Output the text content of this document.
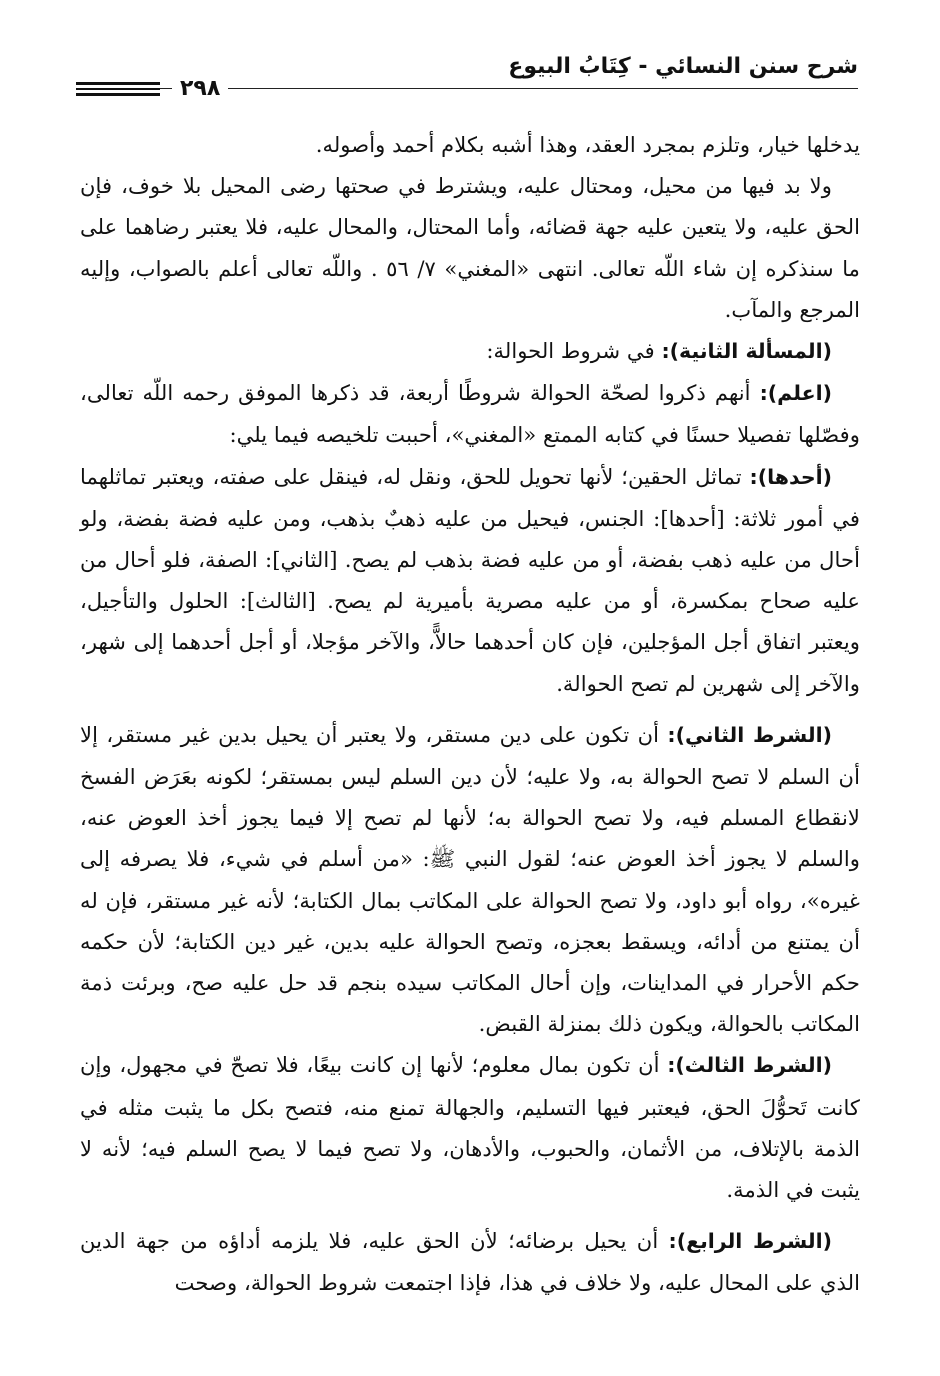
شرح سنن النسائي - كِتَابُ البيوع
٢٩٨

يدخلها خيار، وتلزم بمجرد العقد، وهذا أشبه بكلام أحمد وأصوله.

ولا بد فيها من محيل، ومحتال عليه، ويشترط في صحتها رضى المحيل بلا خوف، فإن الحق عليه، ولا يتعين عليه جهة قضائه، وأما المحتال، والمحال عليه، فلا يعتبر رضاهما على ما سنذكره إن شاء اللّه تعالى. انتهى «المغني» ٧/ ٥٦ . واللّه تعالى أعلم بالصواب، وإليه المرجع والمآب.

(المسألة الثانية): في شروط الحوالة:

(اعلم): أنهم ذكروا لصحّة الحوالة شروطًا أربعة، قد ذكرها الموفق رحمه اللّه تعالى، وفصّلها تفصيلا حسنًا في كتابه الممتع «المغني»، أحببت تلخيصه فيما يلي:

(أحدها): تماثل الحقين؛ لأنها تحويل للحق، ونقل له، فينقل على صفته، ويعتبر تماثلهما في أمور ثلاثة: [أحدها]: الجنس، فيحيل من عليه ذهبٌ بذهب، ومن عليه فضة بفضة، ولو أحال من عليه ذهب بفضة، أو من عليه فضة بذهب لم يصح. [الثاني]: الصفة، فلو أحال من عليه صحاح بمكسرة، أو من عليه مصرية بأميرية لم يصح. [الثالث]: الحلول والتأجيل، ويعتبر اتفاق أجل المؤجلين، فإن كان أحدهما حالاًّ، والآخر مؤجلا، أو أجل أحدهما إلى شهر، والآخر إلى شهرين لم تصح الحوالة.

(الشرط الثاني): أن تكون على دين مستقر، ولا يعتبر أن يحيل بدين غير مستقر، إلا أن السلم لا تصح الحوالة به، ولا عليه؛ لأن دين السلم ليس بمستقر؛ لكونه بعَرَض الفسخ لانقطاع المسلم فيه، ولا تصح الحوالة به؛ لأنها لم تصح إلا فيما يجوز أخذ العوض عنه، والسلم لا يجوز أخذ العوض عنه؛ لقول النبي ﷺ: «من أسلم في شيء، فلا يصرفه إلى غيره»، رواه أبو داود، ولا تصح الحوالة على المكاتب بمال الكتابة؛ لأنه غير مستقر، فإن له أن يمتنع من أدائه، ويسقط بعجزه، وتصح الحوالة عليه بدين، غير دين الكتابة؛ لأن حكمه حكم الأحرار في المداينات، وإن أحال المكاتب سيده بنجم قد حل عليه صح، وبرئت ذمة المكاتب بالحوالة، ويكون ذلك بمنزلة القبض.

(الشرط الثالث): أن تكون بمال معلوم؛ لأنها إن كانت بيعًا، فلا تصحّ في مجهول، وإن كانت تَحوُّلَ الحق، فيعتبر فيها التسليم، والجهالة تمنع منه، فتصح بكل ما يثبت مثله في الذمة بالإتلاف، من الأثمان، والحبوب، والأدهان، ولا تصح فيما لا يصح السلم فيه؛ لأنه لا يثبت في الذمة.

(الشرط الرابع): أن يحيل برضائه؛ لأن الحق عليه، فلا يلزمه أداؤه من جهة الدين الذي على المحال عليه، ولا خلاف في هذا، فإذا اجتمعت شروط الحوالة، وصحت
